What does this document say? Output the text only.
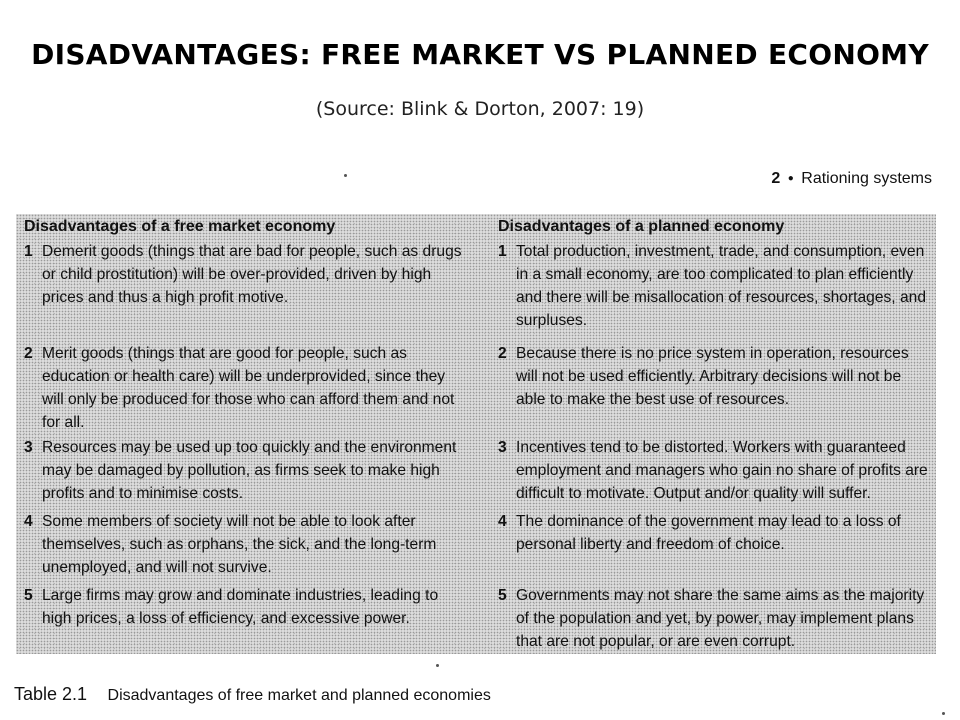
DISADVANTAGES: FREE MARKET VS PLANNED ECONOMY
(Source: Blink & Dorton, 2007: 19)
2 ● Rationing systems
Disadvantages of a free market economy	Disadvantages of a planned economy
1 Demerit goods (things that are bad for people, such as drugs or child prostitution) will be over-provided, driven by high prices and thus a high profit motive.
2 Merit goods (things that are good for people, such as education or health care) will be underprovided, since they will only be produced for those who can afford them and not for all.
3 Resources may be used up too quickly and the environment may be damaged by pollution, as firms seek to make high profits and to minimise costs.
4 Some members of society will not be able to look after themselves, such as orphans, the sick, and the long-term unemployed, and will not survive.
5 Large firms may grow and dominate industries, leading to high prices, a loss of efficiency, and excessive power.
1 Total production, investment, trade, and consumption, even in a small economy, are too complicated to plan efficiently and there will be misallocation of resources, shortages, and surpluses.
2 Because there is no price system in operation, resources will not be used efficiently. Arbitrary decisions will not be able to make the best use of resources.
3 Incentives tend to be distorted. Workers with guaranteed employment and managers who gain no share of profits are difficult to motivate. Output and/or quality will suffer.
4 The dominance of the government may lead to a loss of personal liberty and freedom of choice.
5 Governments may not share the same aims as the majority of the population and yet, by power, may implement plans that are not popular, or are even corrupt.
Table 2.1 Disadvantages of free market and planned economies
